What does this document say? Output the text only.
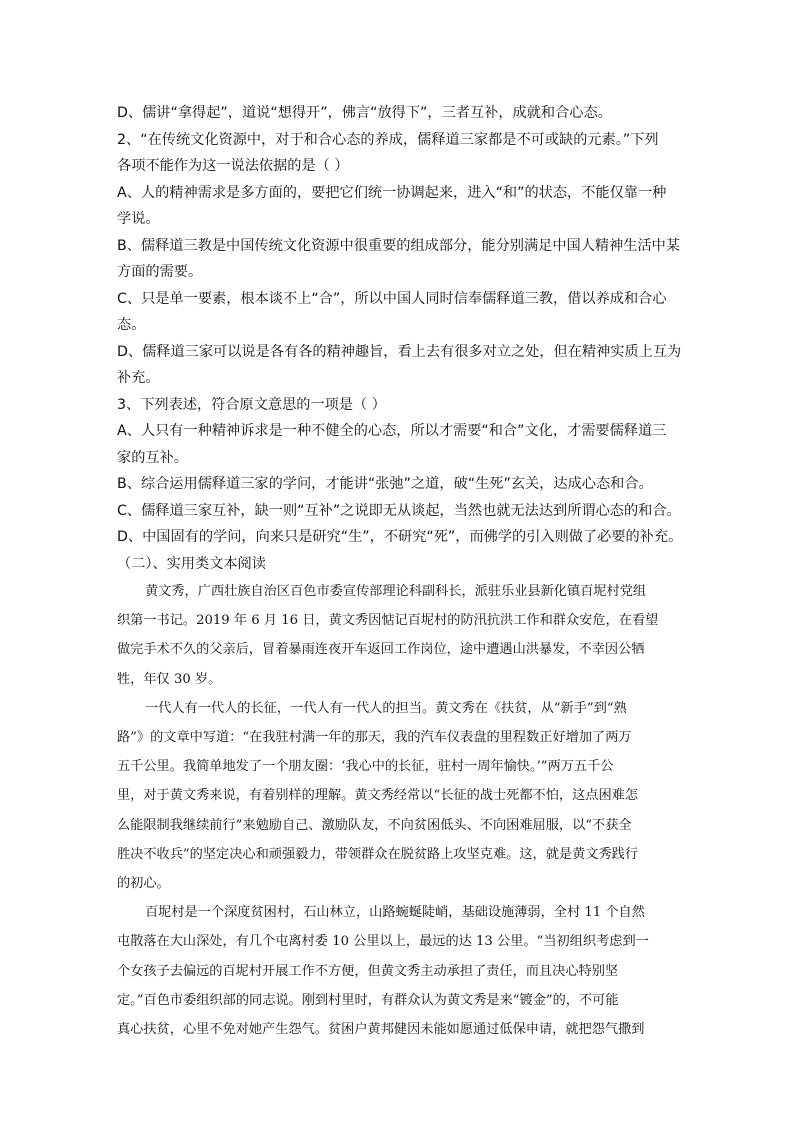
D、儒讲“拿得起”，道说“想得开”，佛言“放得下”，三者互补，成就和合心态。
2、“在传统文化资源中，对于和合心态的养成，儒释道三家都是不可或缺的元素。”下列
各项不能作为这一说法依据的是（ ）
A、人的精神需求是多方面的，要把它们统一协调起来，进入“和”的状态，不能仅靠一种
学说。
B、儒释道三教是中国传统文化资源中很重要的组成部分，能分别满足中国人精神生活中某
方面的需要。
C、只是单一要素，根本谈不上“合”，所以中国人同时信奉儒释道三教，借以养成和合心
态。
D、儒释道三家可以说是各有各的精神趣旨，看上去有很多对立之处，但在精神实质上互为
补充。
3、下列表述，符合原文意思的一项是（ ）
A、人只有一种精神诉求是一种不健全的心态，所以才需要“和合”文化，才需要儒释道三
家的互补。
B、综合运用儒释道三家的学问，才能讲“张弛”之道，破“生死”玄关，达成心态和合。
C、儒释道三家互补，缺一则“互补”之说即无从谈起，当然也就无法达到所谓心态的和合。
D、中国固有的学问，向来只是研究“生”，不研究“死”，而佛学的引入则做了必要的补充。
（二）、实用类文本阅读
黄文秀，广西壮族自治区百色市委宣传部理论科副科长，派驻乐业县新化镇百坭村党组
织第一书记。2019 年 6 月 16 日，黄文秀因惦记百坭村的防汛抗洪工作和群众安危，在看望
做完手术不久的父亲后，冒着暴雨连夜开车返回工作岗位，途中遭遇山洪暴发，不幸因公牺
牲，年仅 30 岁。
一代人有一代人的长征，一代人有一代人的担当。黄文秀在《扶贫，从“新手”到“熟
路”》的文章中写道：“在我驻村满一年的那天，我的汽车仪表盘的里程数正好增加了两万
五千公里。我简单地发了一个朋友圈：‘我心中的长征，驻村一周年愉快。’”两万五千公
里，对于黄文秀来说，有着别样的理解。黄文秀经常以“长征的战士死都不怕，这点困难怎
么能限制我继续前行”来勉励自己、激励队友，不向贫困低头、不向困难屈服，以“不获全
胜决不收兵”的坚定决心和顽强毅力，带领群众在脱贫路上攻坚克难。这，就是黄文秀践行
的初心。
百坭村是一个深度贫困村，石山林立，山路蜿蜒陡峭，基础设施薄弱，全村 11 个自然
屯散落在大山深处，有几个屯离村委 10 公里以上，最远的达 13 公里。“当初组织考虑到一
个女孩子去偏远的百坭村开展工作不方便，但黄文秀主动承担了责任，而且决心特别坚
定。”百色市委组织部的同志说。刚到村里时，有群众认为黄文秀是来“镀金”的，不可能
真心扶贫，心里不免对她产生怨气。贫困户黄邦健因未能如愿通过低保申请，就把怨气撒到
